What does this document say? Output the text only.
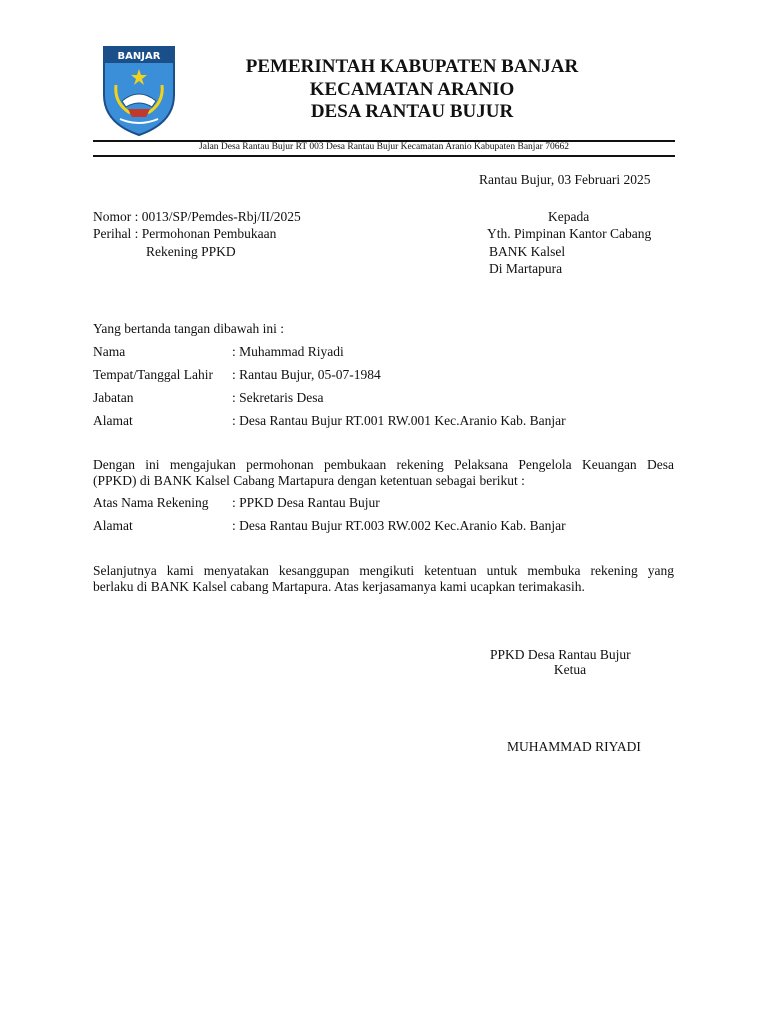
BANJAR	PEMERINTAH KABUPATEN BANJAR
KECAMATAN ARANIO
DESA RANTAU BUJUR
Jalan Desa Rantau Bujur RT 003 Desa Rantau Bujur Kecamatan Aranio Kabupaten Banjar 70662
Rantau Bujur, 03 Februari 2025
Nomor : 0013/SP/Pemdes-Rbj/II/2025
Perihal : Permohonan Pembukaan
Rekening PPKD
Kepada
Yth. Pimpinan Kantor Cabang
BANK Kalsel
Di Martapura
Yang bertanda tangan dibawah ini :
Nama	: Muhammad Riyadi
Tempat/Tanggal Lahir : Rantau Bujur, 05-07-1984
Jabatan	: Sekretaris Desa
Alamat	: Desa Rantau Bujur RT.001 RW.001 Kec.Aranio Kab. Banjar
Dengan ini mengajukan permohonan pembukaan rekening Pelaksana Pengelola Keuangan Desa
(PPKD) di BANK Kalsel Cabang Martapura dengan ketentuan sebagai berikut :
Atas Nama Rekening : PPKD Desa Rantau Bujur
Alamat	: Desa Rantau Bujur RT.003 RW.002 Kec.Aranio Kab. Banjar
Selanjutnya kami menyatakan kesanggupan mengikuti ketentuan untuk membuka rekening yang
berlaku di BANK Kalsel cabang Martapura. Atas kerjasamanya kami ucapkan terimakasih.
PPKD Desa Rantau Bujur
Ketua
MUHAMMAD RIYADI
